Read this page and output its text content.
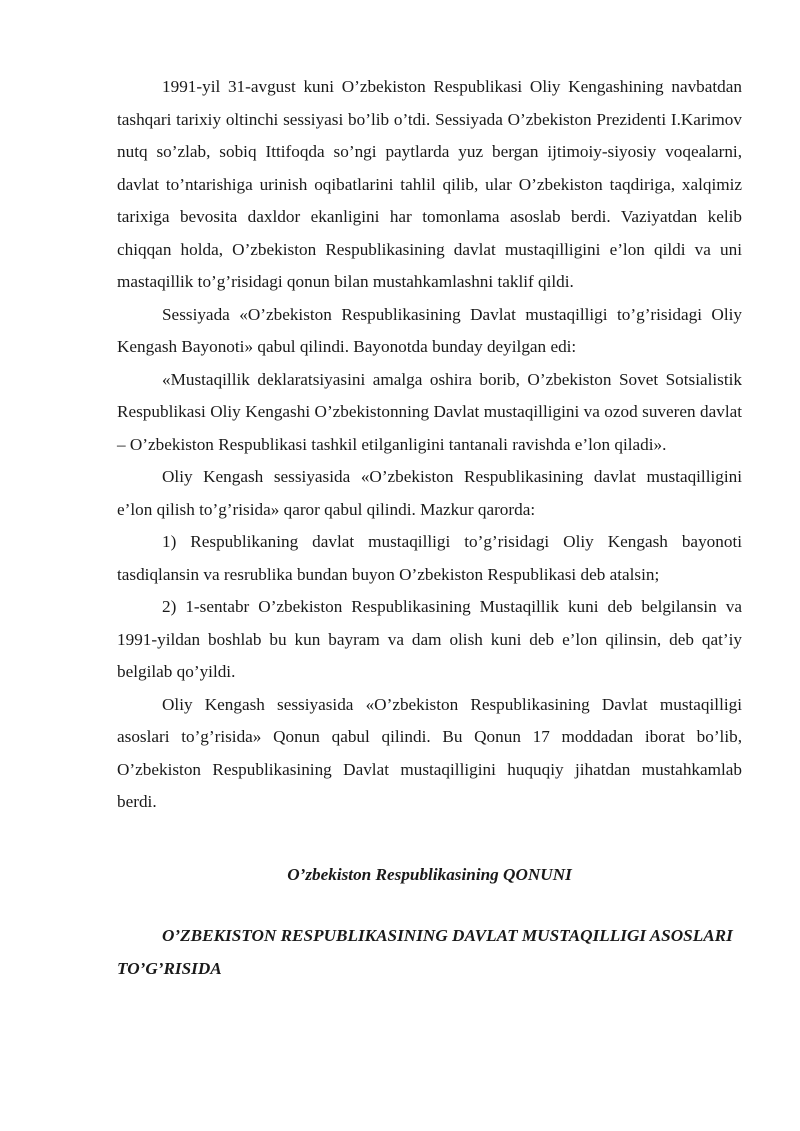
1991-yil 31-avgust kuni O’zbekiston Respublikasi Oliy Kengashining navbatdan tashqari tarixiy oltinchi sessiyasi bo’lib o’tdi. Sessiyada O’zbekiston Prezidenti I.Karimov nutq so’zlab, sobiq Ittifoqda so’ngi paytlarda yuz bergan ijtimoiy-siyosiy voqealarni, davlat to’ntarishiga urinish oqibatlarini tahlil qilib, ular O’zbekiston taqdiriga, xalqimiz tarixiga bevosita daxldor ekanligini har tomonlama asoslab berdi. Vaziyatdan kelib chiqqan holda, O’zbekiston Respublikasining davlat mustaqilligini e’lon qildi va uni mastaqillik to’g’risidagi qonun bilan mustahkamlashni taklif qildi.

Sessiyada «O’zbekiston Respublikasining Davlat mustaqilligi to’g’risidagi Oliy Kengash Bayonoti» qabul qilindi. Bayonotda bunday deyilgan edi:

«Mustaqillik deklaratsiyasini amalga oshira borib, O’zbekiston Sovet Sotsialistik Respublikasi Oliy Kengashi O’zbekistonning Davlat mustaqilligini va ozod suveren davlat – O’zbekiston Respublikasi tashkil etilganligini tantanali ravishda e’lon qiladi».

Oliy Kengash sessiyasida «O’zbekiston Respublikasining davlat mustaqilligini e’lon qilish to’g’risida» qaror qabul qilindi. Mazkur qarorda:

1) Respublikaning davlat mustaqilligi to’g’risidagi Oliy Kengash bayonoti tasdiqlansin va resrublika bundan buyon O’zbekiston Respublikasi deb atalsin;

2) 1-sentabr O’zbekiston Respublikasining Mustaqillik kuni deb belgilansin va 1991-yildan boshlab bu kun bayram va dam olish kuni deb e’lon qilinsin, deb qat’iy belgilab qo’yildi.

Oliy Kengash sessiyasida «O’zbekiston Respublikasining Davlat mustaqilligi asoslari to’g’risida» Qonun qabul qilindi. Bu Qonun 17 moddadan iborat bo’lib, O’zbekiston Respublikasining Davlat mustaqilligini huquqiy jihatdan mustahkamlab berdi.

O’zbekiston Respublikasining QONUNI

O’ZBEKISTON RESPUBLIKASINING DAVLAT MUSTAQILLIGI ASOSLARI TO’G’RISIDA
